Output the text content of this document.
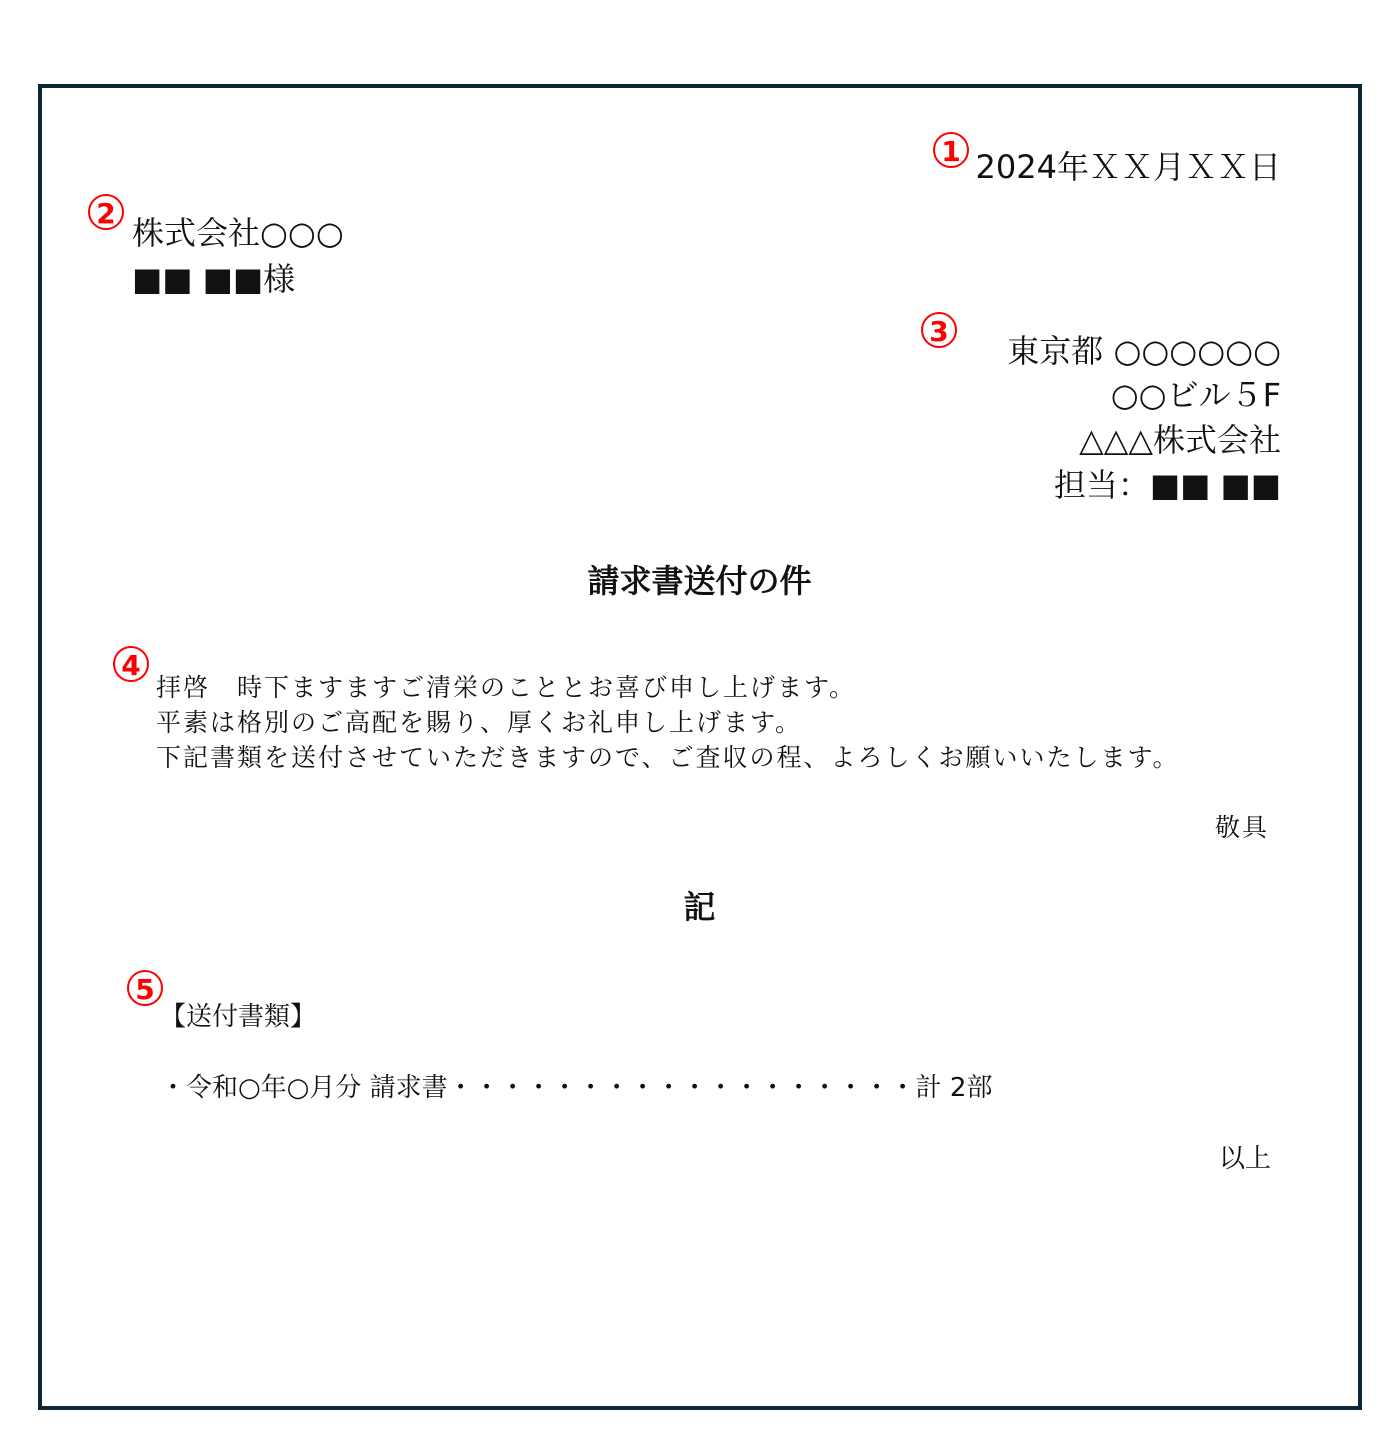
1 2024年ＸＸ月ＸＸ日
2
株式会社○○○
■■ ■■様
3
東京都 ○○○○○○
○○ビル５F
△△△株式会社
担当：■■ ■■
請求書送付の件
4
拝啓　時下ますますご清栄のこととお喜び申し上げます。
平素は格別のご高配を賜り、厚くお礼申し上げます。
下記書類を送付させていただきますので、ご査収の程、よろしくお願いいたします。
敬具
記
5
【送付書類】
・令和○年○月分 請求書・・・・・・・・・・・・・・・・・・計 2部
以上
